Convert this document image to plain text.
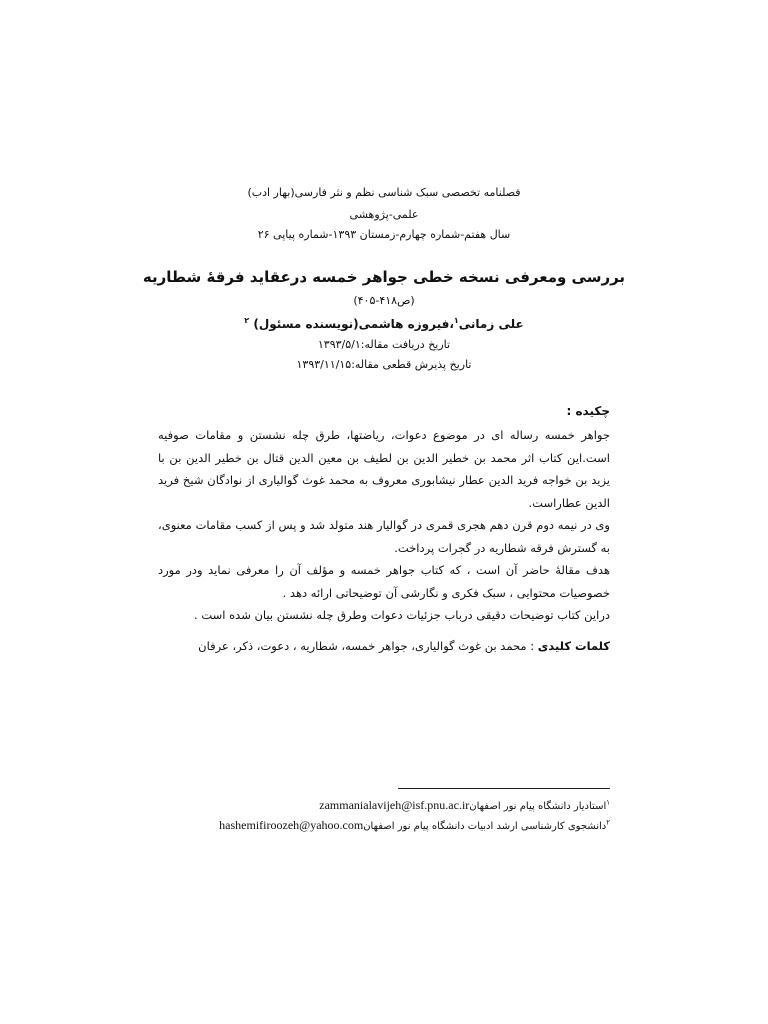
فصلنامه تخصصی سبک شناسی نظم و نثر فارسی(بهار ادب)
علمی-پژوهشی
سال هفتم-شماره چهارم-زمستان ۱۳۹۳-شماره پیاپی ۲۶
بررسی ومعرفی نسخه خطی جواهر خمسه درعقاید فرقهٔ شطاریه
(ص۴۱۸-۴۰۵)
علی زمانی$^۱$،فیروزه هاشمی(نویسنده مسئول) $^۲$
تاریخ دریافت مقاله:۱۳۹۳/۵/۱
تاریخ پذیرش قطعی مقاله:۱۳۹۳/۱۱/۱۵
چکیده :

جواهر خمسه رساله ای در موضوع دعوات، ریاضتها، طرق چله نشستن و مقامات صوفیه است.این کتاب اثر محمد بن خطیر الدین بن لطیف بن معین الدین قتال بن خطیر الدین بن با یزید بن خواجه فرید الدین عطار نیشابوری معروف به محمد غوث گوالیاری از نوادگان شیخ فرید الدین عطاراست.

وی در نیمه دوم قرن دهم هجری قمری در گوالیار هند متولد شد و پس از کسب مقامات معنوی، به گسترش فرقه شطاریه در گجرات پرداخت.

هدف مقالهٔ حاضر آن است ، که کتاب جواهر خمسه و مؤلف آن را معرفی نماید ودر مورد خصوصیات محتوایی ، سبک فکری و نگارشی آن توضیحاتی ارائه دهد .

دراین کتاب توضیحات دقیقی درباب جزئیات دعوات وطرق چله نشستن بیان شده است .

کلمات کلیدی : محمد بن غوث گوالیاری، جواهر خمسه، شطاریه ، دعوت، ذکر، عرفان
$^۱$استادیار دانشگاه پیام نور اصفهانzammanialavijeh@isf.pnu.ac.ir
$^۲$دانشجوی کارشناسی ارشد ادبیات دانشگاه پیام نور اصفهانhashemifiroozeh@yahoo.com
